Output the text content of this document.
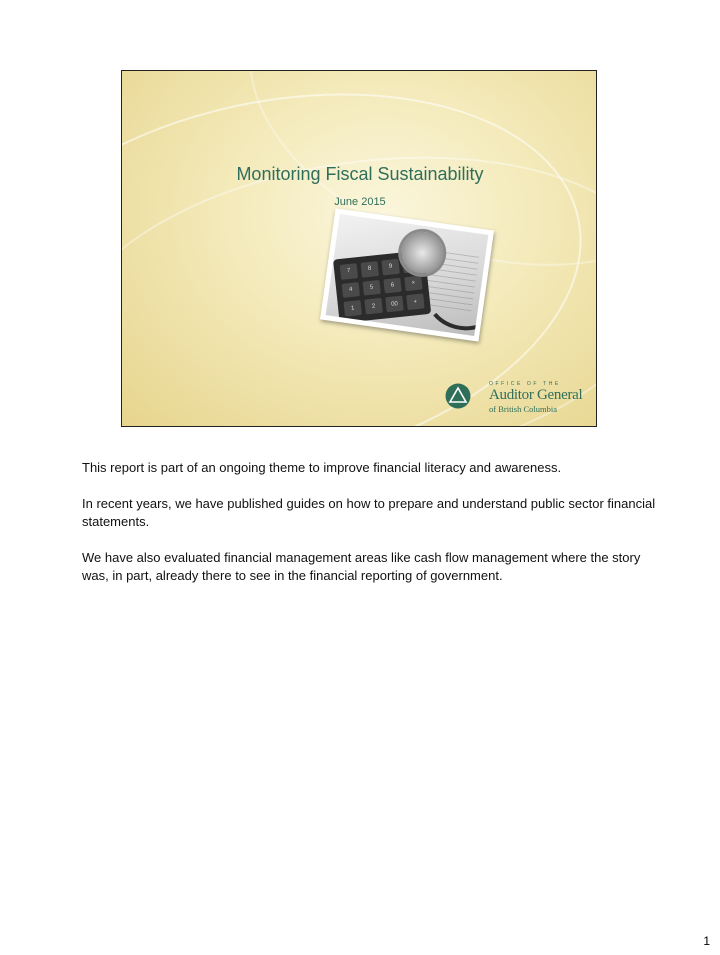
Monitoring Fiscal Sustainability
June 2015
7	8	9
4	5	6	×
1	2	00	+
OFFICE OF THE
Auditor General
of British Columbia

This report is part of an ongoing theme to improve financial literacy and awareness.

In recent years, we have published guides on how to prepare and understand public sector financial statements.

We have also evaluated financial management areas like cash flow management where the story was, in part, already there to see in the financial reporting of government.

1
